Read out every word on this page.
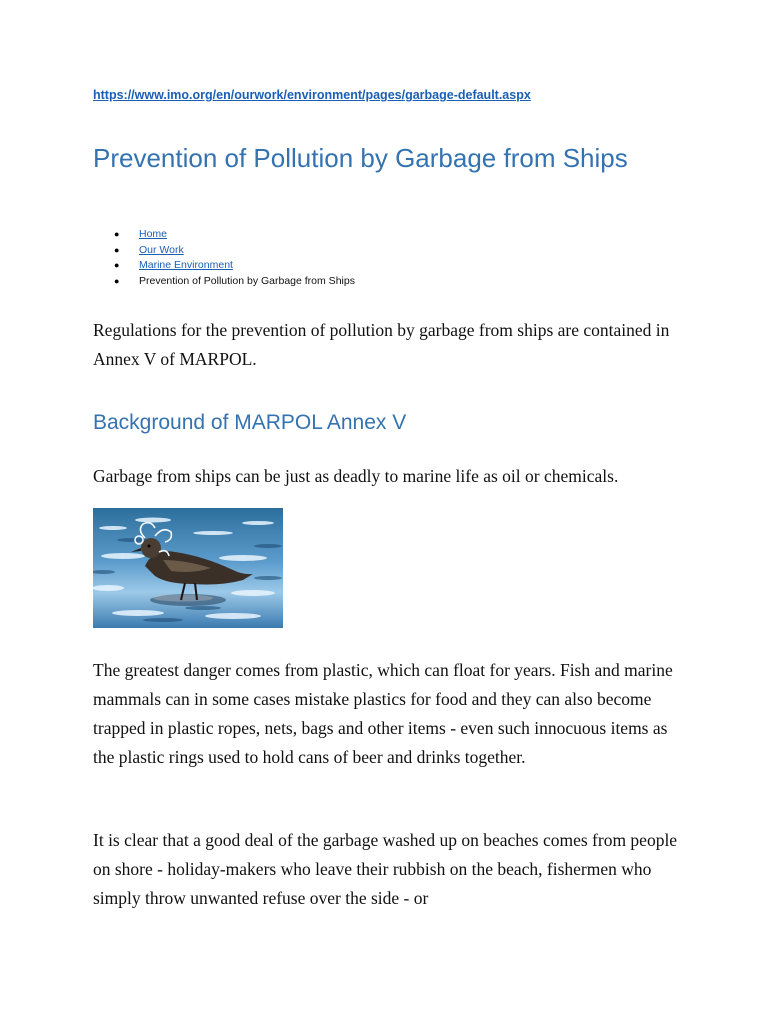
https://www.imo.org/en/ourwork/environment/pages/garbage-default.aspx
Prevention of Pollution by Garbage from Ships
● Home
● Our Work
● Marine Environment
● Prevention of Pollution by Garbage from Ships

Regulations for the prevention of pollution by garbage from ships are contained in Annex V of MARPOL.

Background of MARPOL Annex V

Garbage from ships can be just as deadly to marine life as oil or chemicals.

The greatest danger comes from plastic, which can float for years. Fish and marine mammals can in some cases mistake plastics for food and they can also become trapped in plastic ropes, nets, bags and other items - even such innocuous items as the plastic rings used to hold cans of beer and drinks together.

It is clear that a good deal of the garbage washed up on beaches comes from people on shore - holiday-makers who leave their rubbish on the beach, fishermen who simply throw unwanted refuse over the side - or
